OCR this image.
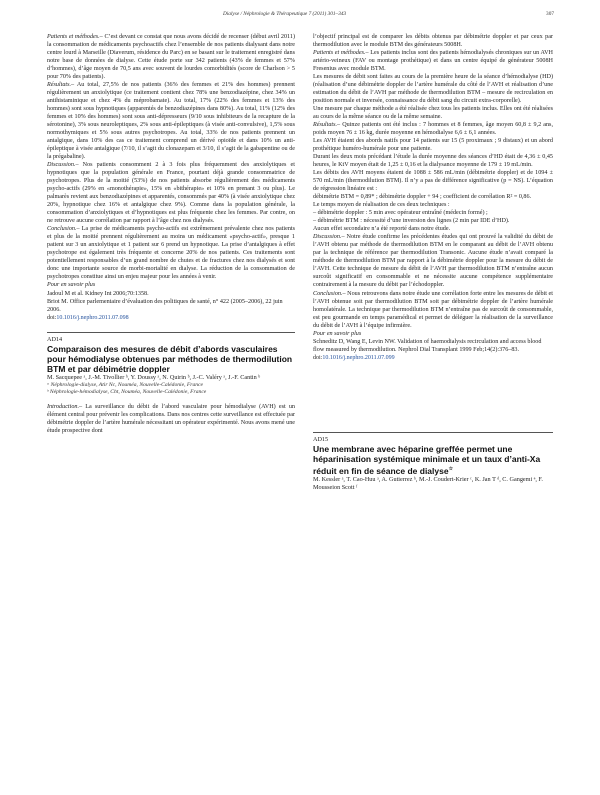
Dialyse / Néphrologie & Thérapeutique 7 (2011) 301–343	307

Patients et méthodes.– C’est devant ce constat que nous avons décidé de recenser (début avril 2011) la consommation de médicaments psychoactifs chez l’ensemble de nos patients dialysant dans notre centre lourd à Marseille (Diaverum, résidence du Parc) en se basant sur le traitement enregistré dans notre base de données de dialyse. Cette étude porte sur 342 patients (43% de femmes et 57% d’hommes), d’âge moyen de 70,5 ans avec souvent de lourdes comorbidités (score de Charlson > 5 pour 70% des patients).

Résultats.– Au total, 27,5% de nos patients (36% des femmes et 21% des hommes) prennent régulièrement un anxiolytique (ce traitement contient chez 78% une benzodiazépine, chez 34% un antihistaminique et chez 4% du méprobamate). Au total, 17% (22% des femmes et 13% des hommes) sont sous hypnotiques (apparentés de benzodiazépines dans 80%). Au total, 11% (12% des femmes et 10% des hommes) sont sous anti-dépresseurs (9/10 sous inhibiteurs de la recapture de la sérotonine), 3% sous neuroleptiques, 2% sous anti-épileptiques (à visée anti-convulsive), 1,5% sous normothymiques et 5% sous autres psychotropes. Au total, 33% de nos patients prennent un antalgique, dans 10% des cas ce traitement comprend un dérivé opioïde et dans 10% un anti-épileptique à visée antalgique (7/10, il s’agit du clonazepam et 3/10, il s’agit de la gabapentine ou de la prégabaline).

Discussion.– Nos patients consomment 2 à 3 fois plus fréquemment des anxiolytiques et hypnotiques que la population générale en France, pourtant déjà grande consommatrice de psychotropes. Plus de la moitié (53%) de nos patients absorbe régulièrement des médicaments psycho-actifs (29% en «monothérapie», 15% en «bithérapie» et 10% en prenant 3 ou plus). Le palmarès revient aux benzodiazépines et apparentés, consommés par 40% (à visée anxiolytique chez 20%, hypnotique chez 16% et antalgique chez 9%). Comme dans la population générale, la consommation d’anxiolytiques et d’hypnotiques est plus fréquente chez les femmes. Par contre, on ne retrouve aucune corrélation par rapport à l’âge chez nos dialysés.

Conclusion.– La prise de médicaments psycho-actifs est extrêmement prévalente chez nos patients et plus de la moitié prennent régulièrement au moins un médicament «psycho-actif», presque 1 patient sur 3 un anxiolytique et 1 patient sur 6 prend un hypnotique. La prise d’antalgiques à effet psychotrope est également très fréquente et concerne 20% de nos patients. Ces traitements sont potentiellement responsables d’un grand nombre de chutes et de fractures chez nos dialysés et sont donc une importante source de morbi-mortalité en dialyse. La réduction de la consommation de psychotropes constitue ainsi un enjeu majeur pour les années à venir.

Pour en savoir plus

Jadoul M et al. Kidney Int 2006;70:1358.

Briot M. Office parlementaire d’évaluation des politiques de santé, n° 422 (2005–2006), 22 juin 2006.

doi:10.1016/j.nephro.2011.07.098

AD14

Comparaison des mesures de débit d’abords vasculaires pour hémodialyse obtenues par méthodes de thermodilution BTM et par débimétrie doppler

M. Sacquepee ᵃ, J.-M. Tivollier ᵇ, Y. Doussy ᵃ, N. Quirin ᵇ, J.-C. Valéry ᵃ, J.-F. Cantin ᵇ

ᵃ Néphrologie-dialyse, Atir Nc, Nouméa, Nouvelle-Calédonie, France

ᵇ Néphrologie-hémodialyse, Cht, Nouméa, Nouvelle-Calédonie, France

Introduction.– La surveillance du débit de l’abord vasculaire pour hémodialyse (AVH) est un élément central pour prévenir les complications. Dans nos centres cette surveillance est effectuée par débimétrie doppler de l’artère humérale nécessitant un opérateur expérimenté. Nous avons mené une étude prospective dont

l’objectif principal est de comparer les débits obtenus par débimétrie doppler et par ceux par thermodilution avec le module BTM des générateurs 5008H.

Patients et méthodes.– Les patients inclus sont des patients hémodialysés chroniques sur un AVH artério-veineux (FAV ou montage prothétique) et dans un centre équipé de générateur 5008H Fresenius avec module BTM.

Les mesures de débit sont faites au cours de la première heure de la séance d’hémodialyse (HD) (réalisation d’une débimétrie doppler de l’artère humérale du côté de l’AVH et réalisation d’une estimation du débit de l’AVH par méthode de thermodilution BTM – mesure de recirculation en position normale et inversée, connaissance du débit sang du circuit extra-corporelle).

Une mesure par chaque méthode a été réalisée chez tous les patients inclus. Elles ont été réalisées au cours de la même séance ou de la même semaine.

Résultats.– Quinze patients ont été inclus : 7 hommes et 8 femmes, âge moyen 60,8 ± 9,2 ans, poids moyen 76 ± 16 kg, durée moyenne en hémodialyse 6,6 ± 6,1 années.

Les AVH étaient des abords natifs pour 14 patients sur 15 (5 proximaux ; 9 distaux) et un abord prothétique huméro-humérale pour une patiente.

Durant les deux mois précédant l’étude la durée moyenne des séances d’HD était de 4,36 ± 0,45 heures, le KtV moyen était de 1,25 ± 0,16 et la dialysance moyenne de 179 ± 19 mL/min.

Les débits des AVH moyens étaient de 1088 ± 586 mL/min (débimétrie doppler) et de 1094 ± 570 mL/min (thermodilution BTM). Il n’y a pas de différence significative (p = NS). L’équation de régression linéaire est :

débimétrie BTM = 0,89* ; débimétrie doppler + 94 ; coefficient de corrélation R² = 0,86.

Le temps moyen de réalisation de ces deux techniques :

– débimétrie doppler : 5 min avec opérateur entraîné (médecin formé) ;

– débimétrie BTM : nécessité d’une inversion des lignes (2 min par IDE d’HD).

Aucun effet secondaire n’a été reporté dans notre étude.

Discussion.– Notre étude confirme les précédentes études qui ont prouvé la validité du débit de l’AVH obtenu par méthode de thermodilution BTM en le comparant au débit de l’AVH obtenu par la technique de référence par thermodilution Transonic. Aucune étude n’avait comparé la méthode de thermodilution BTM par rapport à la débimétrie doppler pour la mesure du débit de l’AVH. Cette technique de mesure du débit de l’AVH par thermodilution BTM n’entraîne aucun surcoût significatif en consommable et ne nécessite aucune compétence supplémentaire contrairement à la mesure du débit par l’échodoppler.

Conclusion.– Nous retrouvons dans notre étude une corrélation forte entre les mesures de débit et l’AVH obtenue soit par thermodilution BTM soit par débimétrie doppler de l’artère humérale homolatérale. La technique par thermodilution BTM n’entraîne pas de surcoût de consommable, est peu gourmande en temps paramédical et permet de déléguer la réalisation de la surveillance du débit de l’AVH à l’équipe infirmière.

Pour en savoir plus

Schneditz D, Wang E, Levin NW. Validation of haemodialysis recirculation and access blood flow measured by thermodilution. Nephrol Dial Transplant 1999 Feb;14(2):376–83.

doi:10.1016/j.nephro.2011.07.099

AD15

Une membrane avec héparine greffée permet une héparinisation systémique minimale et un taux d’anti-Xa réduit en fin de séance de dialyse☆

M. Kessler ᵃ, T. Cao-Huu ᵃ, A. Gutierrez ᵇ, M.-J. Coudert-Krier ᶜ, K. Jan T ᵈ, C. Gangemi ᵉ, F. Mousseion Scott ᶠ
